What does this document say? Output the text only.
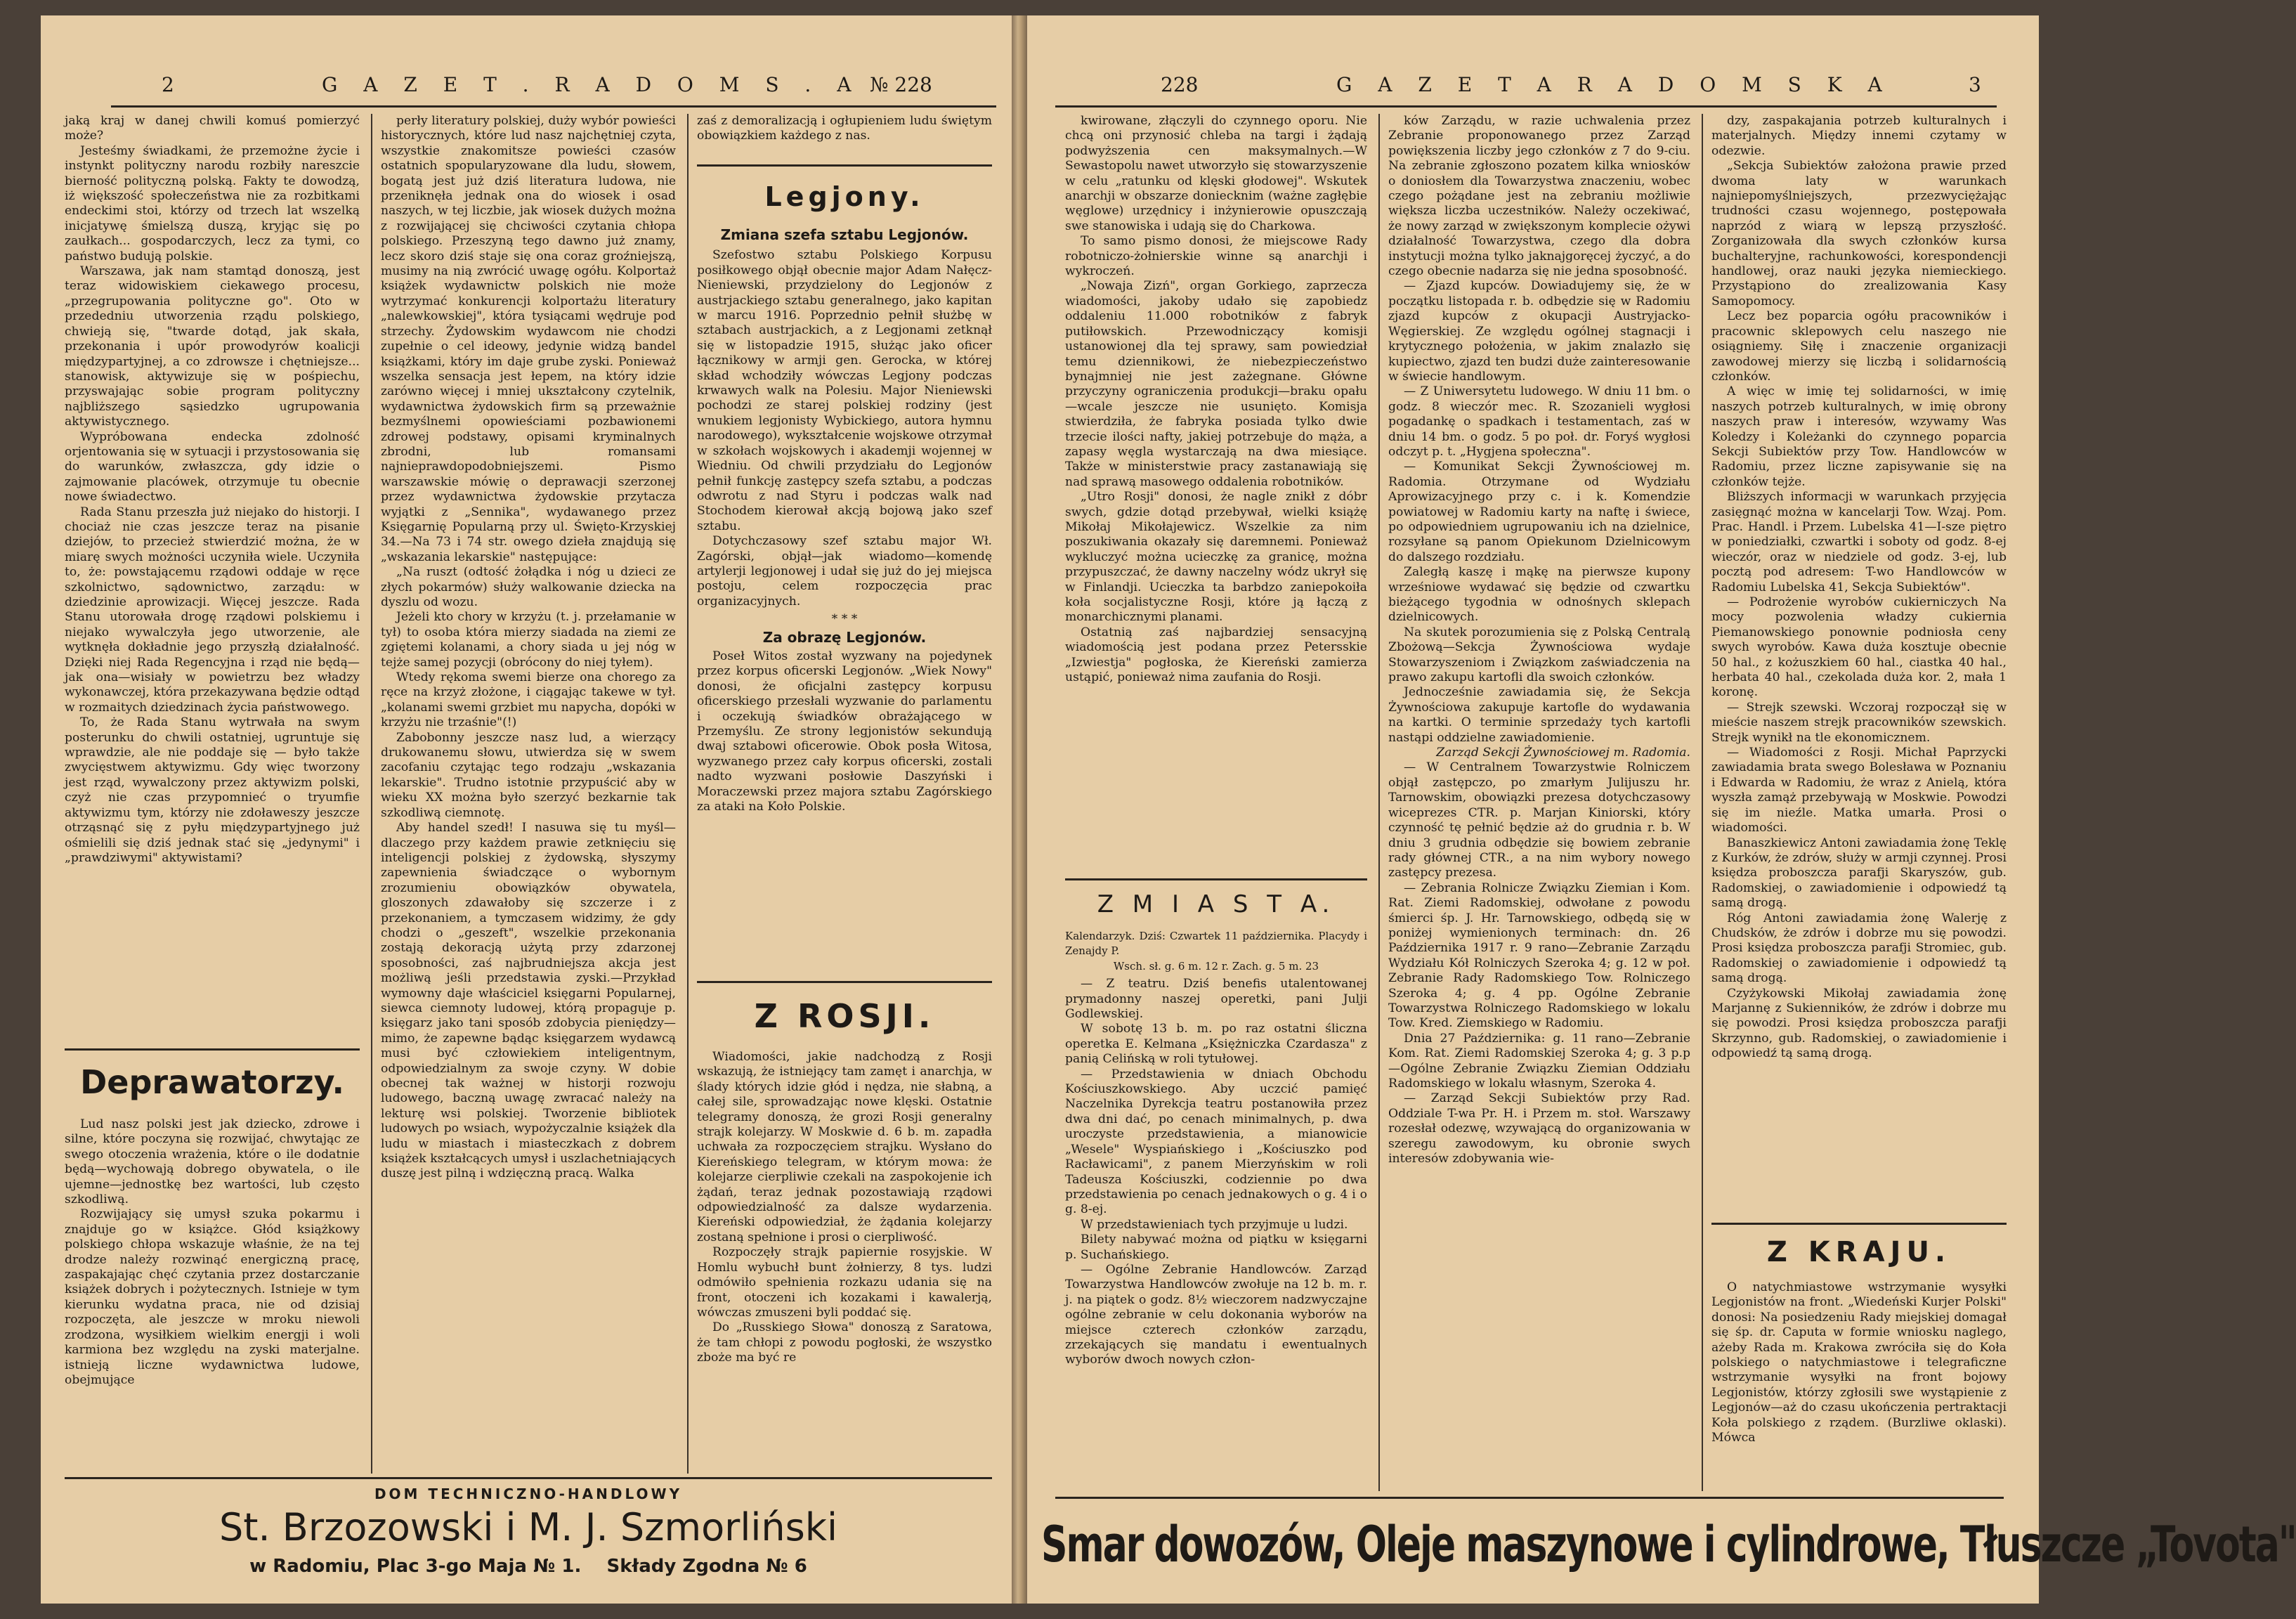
2	G A Z E T . R A D O M S . A № 228

jaką kraj w danej chwili komuś pomierzyć może?

Jesteśmy świadkami, że przemożne życie i instynkt polityczny narodu rozbiły nareszcie bierność polityczną polską. Fakty te dowodzą, iż większość społeczeństwa nie za rozbitkami endeckimi stoi, którzy od trzech lat wszelką inicjatywę śmielszą duszą, kryjąc się po zaułkach... gospodarczych, lecz za tymi, co państwo budują polskie.

Warszawa, jak nam stamtąd donoszą, jest teraz widowiskiem ciekawego procesu, „przegrupowania polityczne go". Oto w przededniu utworzenia rządu polskiego, chwieją się, "twarde dotąd, jak skała, przekonania i upór prowodyrów koalicji międzypartyjnej, a co zdrowsze i chętniejsze... stanowisk, aktywizuje się w pośpiechu, przyswajając sobie program polityczny najbliższego sąsiedzko ugrupowania aktywistycznego.

Wypróbowana endecka zdolność orjentowania się w sytuacji i przystosowania się do warunków, zwłaszcza, gdy idzie o zajmowanie placówek, otrzymuje tu obecnie nowe świadectwo.

Rada Stanu przeszła już niejako do historji. I chociaż nie czas jeszcze teraz na pisanie dziejów, to przecież stwierdzić można, że w miarę swych możności uczyniła wiele. Uczyniła to, że: powstającemu rządowi oddaje w ręce szkolnictwo, sądownictwo, zarządu: w dziedzinie aprowizacji. Więcej jeszcze. Rada Stanu utorowała drogę rządowi polskiemu i niejako wywalczyła jego utworzenie, ale wytknęła dokładnie jego przyszłą działalność. Dzięki niej Rada Regencyjna i rząd nie będą—jak ona—wisiały w powietrzu bez władzy wykonawczej, która przekazywana będzie odtąd w rozmaitych dziedzinach życia państwowego.

To, że Rada Stanu wytrwała na swym posterunku do chwili ostatniej, ugruntuje się wprawdzie, ale nie poddaje się — było także zwycięstwem aktywizmu. Gdy więc tworzony jest rząd, wywalczony przez aktywizm polski, czyż nie czas przypomnieć o tryumfie aktywizmu tym, którzy nie zdoławeszy jeszcze otrząsnąć się z pyłu międzypartyjnego już ośmielili się dziś jednak stać się „jedynymi" i „prawdziwymi" aktywistami?

Deprawatorzy.

Lud nasz polski jest jak dziecko, zdrowe i silne, które poczyna się rozwijać, chwytając ze swego otoczenia wrażenia, które o ile dodatnie będą—wychowają dobrego obywatela, o ile ujemne—jednostkę bez wartości, lub często szkodliwą.

Rozwijający się umysł szuka pokarmu i znajduje go w książce. Głód książkowy polskiego chłopa wskazuje właśnie, że na tej drodze należy rozwinąć energiczną pracę, zaspakajając chęć czytania przez dostarczanie książek dobrych i pożytecznych. Istnieje w tym kierunku wydatna praca, nie od dzisiaj rozpoczęta, ale jeszcze w mroku niewoli zrodzona, wysiłkiem wielkim energji i woli karmiona bez względu na zyski materjalne. istnieją liczne wydawnictwa ludowe, obejmujące

perły literatury polskiej, duży wybór powieści historycznych, które lud nasz najchętniej czyta, wszystkie znakomitsze powieści czasów ostatnich spopularyzowane dla ludu, słowem, bogatą jest już dziś literatura ludowa, nie przeniknęła jednak ona do wiosek i osad naszych, w tej liczbie, jak wiosek dużych można z rozwijającej się chciwości czytania chłopa polskiego. Przeszyną tego dawno już znamy, lecz skoro dziś staje się ona coraz groźniejszą, musimy na nią zwrócić uwagę ogółu. Kolportaż książek wydawnictw polskich nie może wytrzymać konkurencji kolportażu literatury „nalewkowskiej", która tysiącami wędruje pod strzechy. Żydowskim wydawcom nie chodzi zupełnie o cel ideowy, jedynie widzą bandel książkami, który im daje grube zyski. Ponieważ wszelka sensacja jest łepem, na który idzie zarówno więcej i mniej ukształcony czytelnik, wydawnictwa żydowskich firm są przeważnie bezmyślnemi opowieściami pozbawionemi zdrowej podstawy, opisami kryminalnych zbrodni, lub romansami najnieprawdopodobniejszemi. Pismo warszawskie mówię o deprawacji szerzonej przez wydawnictwa żydowskie przytacza wyjątki z „Sennika", wydawanego przez Księgarnię Popularną przy ul. Święto-Krzyskiej 34.—Na 73 i 74 str. owego dzieła znajdują się „wskazania lekarskie" następujące:

„Na ruszt (odtość żołądka i nóg u dzieci ze złych pokarmów) służy walkowanie dziecka na dyszlu od wozu.

Jeżeli kto chory w krzyżu (t. j. przełamanie w tył) to osoba która mierzy siadada na ziemi ze zgiętemi kolanami, a chory siada u jej nóg w tejże samej pozycji (obrócony do niej tyłem).

Wtedy rękoma swemi bierze ona chorego za ręce na krzyż złożone, i ciągając takewe w tył. „kolanami swemi grzbiet mu napycha, dopóki w krzyżu nie trzaśnie"(!)

Zabobonny jeszcze nasz lud, a wierzący drukowanemu słowu, utwierdza się w swem zacofaniu czytając tego rodzaju „wskazania lekarskie". Trudno istotnie przypuścić aby w wieku XX można było szerzyć bezkarnie tak szkodliwą ciemnotę.

Aby handel szedł! I nasuwa się tu myśl—dlaczego przy każdem prawie zetknięciu się inteligencji polskiej z żydowską, słyszymy zapewnienia świadczące o wybornym zrozumieniu obowiązków obywatela, gloszonych zdawałoby się szczerze i z przekonaniem, a tymczasem widzimy, że gdy chodzi o „geszeft", wszelkie przekonania zostają dekoracją użytą przy zdarzonej sposobności, zaś najbrudniejsza akcja jest możliwą jeśli przedstawia zyski.—Przykład wymowny daje właściciel księgarni Popularnej, siewca ciemnoty ludowej, którą propaguje p. księgarz jako tani sposób zdobycia pieniędzy—mimo, że zapewne bądąc księgarzem wydawcą musi być człowiekiem inteligentnym, odpowiedzialnym za swoje czyny. W dobie obecnej tak ważnej w historji rozwoju ludowego, baczną uwagę zwracać należy na lekturę wsi polskiej. Tworzenie bibliotek ludowych po wsiach, wypożyczalnie książek dla ludu w miastach i miasteczkach z dobrem książek kształcących umysł i uszlachetniających duszę jest pilną i wdzięczną pracą. Walka

zaś z demoralizacją i ogłupieniem ludu świętym obowiązkiem każdego z nas.

Legjony.
Zmiana szefa sztabu Legjonów.

Szefostwo sztabu Polskiego Korpusu posiłkowego objął obecnie major Adam Nałęcz-Nieniewski, przydzielony do Legjonów z austrjackiego sztabu generalnego, jako kapitan w marcu 1916. Poprzednio pełnił służbę w sztabach austrjackich, a z Legjonami zetknął się w listopadzie 1915, służąc jako oficer łącznikowy w armji gen. Gerocka, w której skład wchodziły wówczas Legjony podczas krwawych walk na Polesiu. Major Nieniewski pochodzi ze starej polskiej rodziny (jest wnukiem legjonisty Wybickiego, autora hymnu narodowego), wykształcenie wojskowe otrzymał w szkołach wojskowych i akademji wojennej w Wiedniu. Od chwili przydziału do Legjonów pełnił funkcję zastępcy szefa sztabu, a podczas odwrotu z nad Styru i podczas walk nad Stochodem kierował akcją bojową jako szef sztabu.

Dotychczasowy szef sztabu major Wł. Zagórski, objął—jak wiadomo—komendę artylerji legjonowej i udał się już do jej miejsca postoju, celem rozpoczęcia prac organizacyjnych.

* * *
Za obrazę Legjonów.

Poseł Witos został wyzwany na pojedynek przez korpus oficerski Legjonów. „Wiek Nowy" donosi, że oficjalni zastępcy korpusu oficerskiego przesłali wyzwanie do parlamentu i oczekują świadków obrażającego w Przemyślu. Ze strony legjonistów sekundują dwaj sztabowi oficerowie. Obok posła Witosa, wyzwanego przez cały korpus oficerski, zostali nadto wyzwani posłowie Daszyński i Moraczewski przez majora sztabu Zagórskiego za ataki na Koło Polskie.

Z ROSJI.

Wiadomości, jakie nadchodzą z Rosji wskazują, że istniejący tam zamęt i anarchja, w ślady których idzie głód i nędza, nie słabną, a całej sile, sprowadzając nowe klęski. Ostatnie telegramy donoszą, że grozi Rosji generalny strajk kolejarzy. W Moskwie d. 6 b. m. zapadła uchwała za rozpoczęciem strajku. Wysłano do Kiereńskiego telegram, w którym mowa: że kolejarze cierpliwie czekali na zaspokojenie ich żądań, teraz jednak pozostawiają rządowi odpowiedzialność za dalsze wydarzenia. Kiereński odpowiedział, że żądania kolejarzy zostaną spełnione i prosi o cierpliwość.

Rozpoczęły strajk papiernie rosyjskie. W Homlu wybuchł bunt żołnierzy, 8 tys. ludzi odmówiło spełnienia rozkazu udania się na front, otoczeni ich kozakami i kawalerją, wówczas zmuszeni byli poddać się.

Do „Russkiego Słowa" donoszą z Saratowa, że tam chłopi z powodu pogłoski, że wszystko zboże ma być re

DOM TECHNICZNO-HANDLOWY
St. Brzozowski i M. J. Szmorliński
w Radomiu, Plac 3-go Maja № 1.    Składy Zgodna № 6
228	G A Z E T A R A D O M S K A	3

kwirowane, złączyli do czynnego oporu. Nie chcą oni przynosić chleba na targi i żądają podwyższenia cen maksymalnych.—W Sewastopolu nawet utworzyło się stowarzyszenie w celu „ratunku od klęski głodowej". Wskutek anarchji w obszarze doniecknim (ważne zagłębie węglowe) urzędnicy i inżynierowie opuszczają swe stanowiska i udają się do Charkowa.

To samo pismo donosi, że miejscowe Rady robotniczo-żołnierskie winne są anarchji i wykroczeń.

„Nowaja Zizń", organ Gorkiego, zaprzecza wiadomości, jakoby udało się zapobiedz oddaleniu 11.000 robotników z fabryk putiłowskich. Przewodniczący komisji ustanowionej dla tej sprawy, sam powiedział temu dziennikowi, że niebezpieczeństwo bynajmniej nie jest zażegnane. Główne przyczyny ograniczenia produkcji—braku opału—wcale jeszcze nie usunięto. Komisja stwierdziła, że fabryka posiada tylko dwie trzecie ilości nafty, jakiej potrzebuje do mąża, a zapasy węgla wystarczają na dwa miesiące. Także w ministerstwie pracy zastanawiają się nad sprawą masowego oddalenia robotników.

„Utro Rosji" donosi, że nagle znikł z dóbr swych, gdzie dotąd przebywał, wielki książę Mikołaj Mikołajewicz. Wszelkie za nim poszukiwania okazały się daremnemi. Ponieważ wykluczyć można ucieczkę za granicę, można przypuszczać, że dawny naczelny wódz ukrył się w Finlandji. Ucieczka ta barbdzo zaniepokoiła koła socjalistyczne Rosji, które ją łączą z monarchicznymi planami.

Ostatnią zaś najbardziej sensacyjną wiadomością jest podana przez Petersskie „Izwiestja" pogłoska, że Kiereński zamierza ustąpić, ponieważ nima zaufania do Rosji.

Z M I A S T A.
Kalendarzyk. Dziś: Czwartek 11 października. Placydy i Zenajdy P.
Wsch. sł. g. 6 m. 12 r. Zach. g. 5 m. 23

— Z teatru. Dziś benefis utalentowanej prymadonny naszej operetki, pani Julji Godlewskiej.

W sobotę 13 b. m. po raz ostatni śliczna operetka E. Kelmana „Księżniczka Czardasza" z panią Celińską w roli tytułowej.

— Przedstawienia w dniach Obchodu Kościuszkowskiego. Aby uczcić pamięć Naczelnika Dyrekcja teatru postanowiła przez dwa dni dać, po cenach minimalnych, p. dwa uroczyste przedstawienia, a mianowicie „Wesele" Wyspiańskiego i „Kościuszko pod Racławicami", z panem Mierzyńskim w roli Tadeusza Kościuszki, codziennie po dwa przedstawienia po cenach jednakowych o g. 4 i o g. 8-ej.

W przedstawieniach tych przyjmuje u ludzi.

Bilety nabywać można od piątku w księgarni p. Suchańskiego.

— Ogólne Zebranie Handlowców. Zarząd Towarzystwa Handlowców zwołuje na 12 b. m. r. j. na piątek o godz. 8½ wieczorem nadzwyczajne ogólne zebranie w celu dokonania wyborów na miejsce czterech członków zarządu, zrzekających się mandatu i ewentualnych wyborów dwoch nowych człon-

ków Zarządu, w razie uchwalenia przez Zebranie proponowanego przez Zarząd powiększenia liczby jego członków z 7 do 9-ciu. Na zebranie zgłoszono pozatem kilka wniosków o doniosłem dla Towarzystwa znaczeniu, wobec czego pożądane jest na zebraniu możliwie większa liczba uczestników. Należy oczekiwać, że nowy zarząd w zwiększonym komplecie ożywi działalność Towarzystwa, czego dla dobra instytucji można tylko jaknajgoręcej życzyć, a do czego obecnie nadarza się nie jedna sposobność.

— Zjazd kupców. Dowiadujemy się, że w początku listopada r. b. odbędzie się w Radomiu zjazd kupców z okupacji Austryjacko-Węgierskiej. Ze względu ogólnej stagnacji i krytycznego położenia, w jakim znalazło się kupiectwo, zjazd ten budzi duże zainteresowanie w świecie handlowym.

— Z Uniwersytetu ludowego. W dniu 11 bm. o godz. 8 wieczór mec. R. Szozanieli wygłosi pogadankę o spadkach i testamentach, zaś w dniu 14 bm. o godz. 5 po poł. dr. Foryś wygłosi odczyt p. t. „Hygjena społeczna".

— Komunikat Sekcji Żywnościowej m. Radomia. Otrzymane od Wydziału Aprowizacyjnego przy c. i k. Komendzie powiatowej w Radomiu karty na naftę i świece, po odpowiedniem ugrupowaniu ich na dzielnice, rozsyłane są panom Opiekunom Dzielnicowym do dalszego rozdziału.

Zaległą kaszę i mąkę na pierwsze kupony wrześniowe wydawać się będzie od czwartku bieżącego tygodnia w odnośnych sklepach dzielnicowych.

Na skutek porozumienia się z Polską Centralą Zbożową—Sekcja Żywnościowa wydaje Stowarzyszeniom i Związkom zaświadczenia na prawo zakupu kartofli dla swoich członków.

Jednocześnie zawiadamia się, że Sekcja Żywnościowa zakupuje kartofle do wydawania na kartki. O terminie sprzedaży tych kartofli nastąpi oddzielne zawiadomienie.

Zarząd Sekcji Żywnościowej m. Radomia.

— W Centralnem Towarzystwie Rolniczem objął zastępczo, po zmarłym Julijuszu hr. Tarnowskim, obowiązki prezesa dotychczasowy wiceprezes CTR. p. Marjan Kiniorski, który czynność tę pełnić będzie aż do grudnia r. b. W dniu 3 grudnia odbędzie się bowiem zebranie rady głównej CTR., a na nim wybory nowego zastępcy prezesa.

— Zebrania Rolnicze Związku Ziemian i Kom. Rat. Ziemi Radomskiej, odwołane z powodu śmierci śp. J. Hr. Tarnowskiego, odbędą się w poniżej wymienionych terminach: dn. 26 Października 1917 r. 9 rano—Zebranie Zarządu Wydziału Kół Rolniczych Szeroka 4; g. 12 w poł. Zebranie Rady Radomskiego Tow. Rolniczego Szeroka 4; g. 4 pp. Ogólne Zebranie Towarzystwa Rolniczego Radomskiego w lokalu Tow. Kred. Ziemskiego w Radomiu.

Dnia 27 Października: g. 11 rano—Zebranie Kom. Rat. Ziemi Radomskiej Szeroka 4; g. 3 p.p—Ogólne Zebranie Związku Ziemian Oddziału Radomskiego w lokalu własnym, Szeroka 4.

— Zarząd Sekcji Subiektów przy Rad. Oddziale T-wa Pr. H. i Przem m. stoł. Warszawy rozesłał odezwę, wzywającą do organizowania w szeregu zawodowym, ku obronie swych interesów zdobywania wie-

dzy, zaspakajania potrzeb kulturalnych i materjalnych. Między innemi czytamy w odezwie.

„Sekcja Subiektów założona prawie przed dwoma laty w warunkach najniepomyślniejszych, przezwyciężając trudności czasu wojennego, postępowała naprzód z wiarą w lepszą przyszłość. Zorganizowała dla swych członków kursa buchalteryjne, rachunkowości, korespondencji handlowej, oraz nauki języka niemieckiego. Przystąpiono do zrealizowania Kasy Samopomocy.

Lecz bez poparcia ogółu pracowników i pracownic sklepowych celu naszego nie osiągniemy. Siłę i znaczenie organizacji zawodowej mierzy się liczbą i solidarnością członków.

A więc w imię tej solidarności, w imię naszych potrzeb kulturalnych, w imię obrony naszych praw i interesów, wzywamy Was Koledzy i Koleżanki do czynnego poparcia Sekcji Subiektów przy Tow. Handlowców w Radomiu, przez liczne zapisywanie się na członków tejże.

Bliższych informacji w warunkach przyjęcia zasięgnąć można w kancelarji Tow. Wzaj. Pom. Prac. Handl. i Przem. Lubelska 41—I-sze piętro w poniedziałki, czwartki i soboty od godz. 8-ej wieczór, oraz w niedziele od godz. 3-ej, lub pocztą pod adresem: T-wo Handlowców w Radomiu Lubelska 41, Sekcja Subiektów".

— Podrożenie wyrobów cukierniczych Na mocy pozwolenia władzy cukiernia Piemanowskiego ponownie podniosła ceny swych wyrobów. Kawa duża kosztuje obecnie 50 hal., z kożuszkiem 60 hal., ciastka 40 hal., herbata 40 hal., czekolada duża kor. 2, mała 1 koronę.

— Strejk szewski. Wczoraj rozpoczął się w mieście naszem strejk pracowników szewskich. Strejk wynikł na tle ekonomicznem.

— Wiadomości z Rosji. Michał Paprzycki zawiadamia brata swego Bolesława w Poznaniu i Edwarda w Radomiu, że wraz z Anielą, która wyszła zamąż przebywają w Moskwie. Powodzi się im nieźle. Matka umarła. Prosi o wiadomości.

Banaszkiewicz Antoni zawiadamia żonę Teklę z Kurków, że zdrów, służy w armji czynnej. Prosi księdza proboszcza parafji Skaryszów, gub. Radomskiej, o zawiadomienie i odpowiedź tą samą drogą.

Róg Antoni zawiadamia żonę Walerję z Chudsków, że zdrów i dobrze mu się powodzi. Prosi księdza proboszcza parafji Stromiec, gub. Radomskiej o zawiadomienie i odpowiedź tą samą drogą.

Czyżykowski Mikołaj zawiadamia żonę Marjannę z Sukienników, że zdrów i dobrze mu się powodzi. Prosi księdza proboszcza parafji Skrzynno, gub. Radomskiej, o zawiadomienie i odpowiedź tą samą drogą.

Z KRAJU.

O natychmiastowe wstrzymanie wysyłki Legjonistów na front. „Wiedeński Kurjer Polski" donosi: Na posiedzeniu Rady miejskiej domagał się śp. dr. Caputa w formie wniosku naglego, ażeby Rada m. Krakowa zwróciła się do Koła polskiego o natychmiastowe i telegraficzne wstrzymanie wysyłki na front bojowy Legjonistów, którzy zgłosili swe wystąpienie z Legjonów—aż do czasu ukończenia pertraktacji Koła polskiego z rządem. (Burzliwe oklaski). Mówca

Smar dowozów, Oleje maszynowe i cylindrowe, Tłuszcze „Tovota"
